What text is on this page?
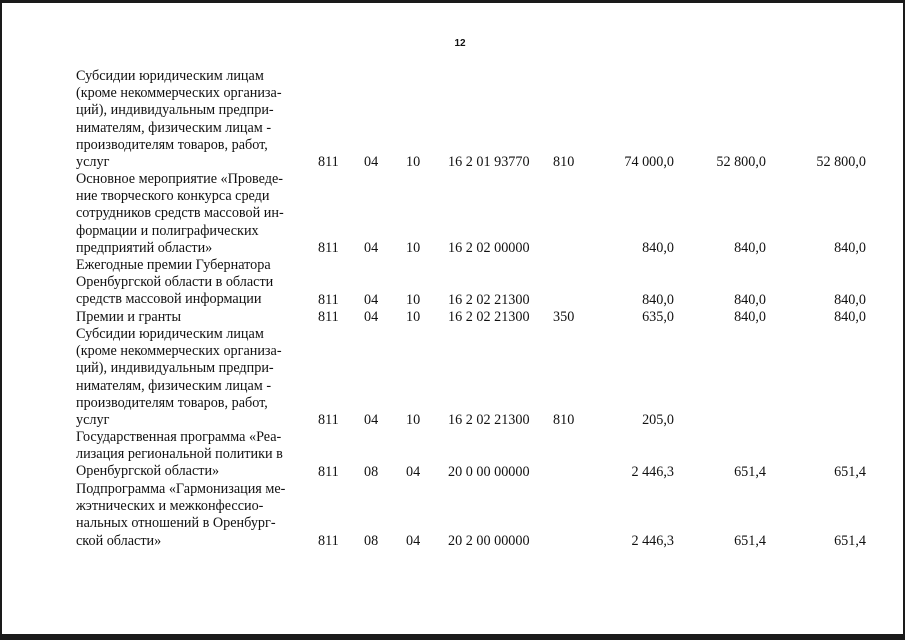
12
Субсидии юридическим лицам
(кроме некоммерческих организа-
ций), индивидуальным предпри-
нимателям, физическим лицам -
производителям товаров, работ,
услуг	811 04 10 16 2 01 93770 810	74 000,0	52 800,0	52 800,0
Основное мероприятие «Проведе-
ние творческого конкурса среди
сотрудников средств массовой ин-
формации и полиграфических
предприятий области»	811 04 10 16 2 02 00000	840,0	840,0	840,0
Ежегодные премии Губернатора
Оренбургской области в области
средств массовой информации	811 04 10 16 2 02 21300	840,0	840,0	840,0
Премии и гранты	811 04 10 16 2 02 21300 350	635,0	840,0	840,0
Субсидии юридическим лицам
(кроме некоммерческих организа-
ций), индивидуальным предпри-
нимателям, физическим лицам -
производителям товаров, работ,
услуг	811 04 10 16 2 02 21300 810	205,0
Государственная программа «Реа-
лизация региональной политики в
Оренбургской области»	811 08 04 20 0 00 00000	2 446,3	651,4	651,4
Подпрограмма «Гармонизация ме-
жэтнических и межконфессио-
нальных отношений в Оренбург-
ской области»	811 08 04 20 2 00 00000	2 446,3	651,4	651,4
